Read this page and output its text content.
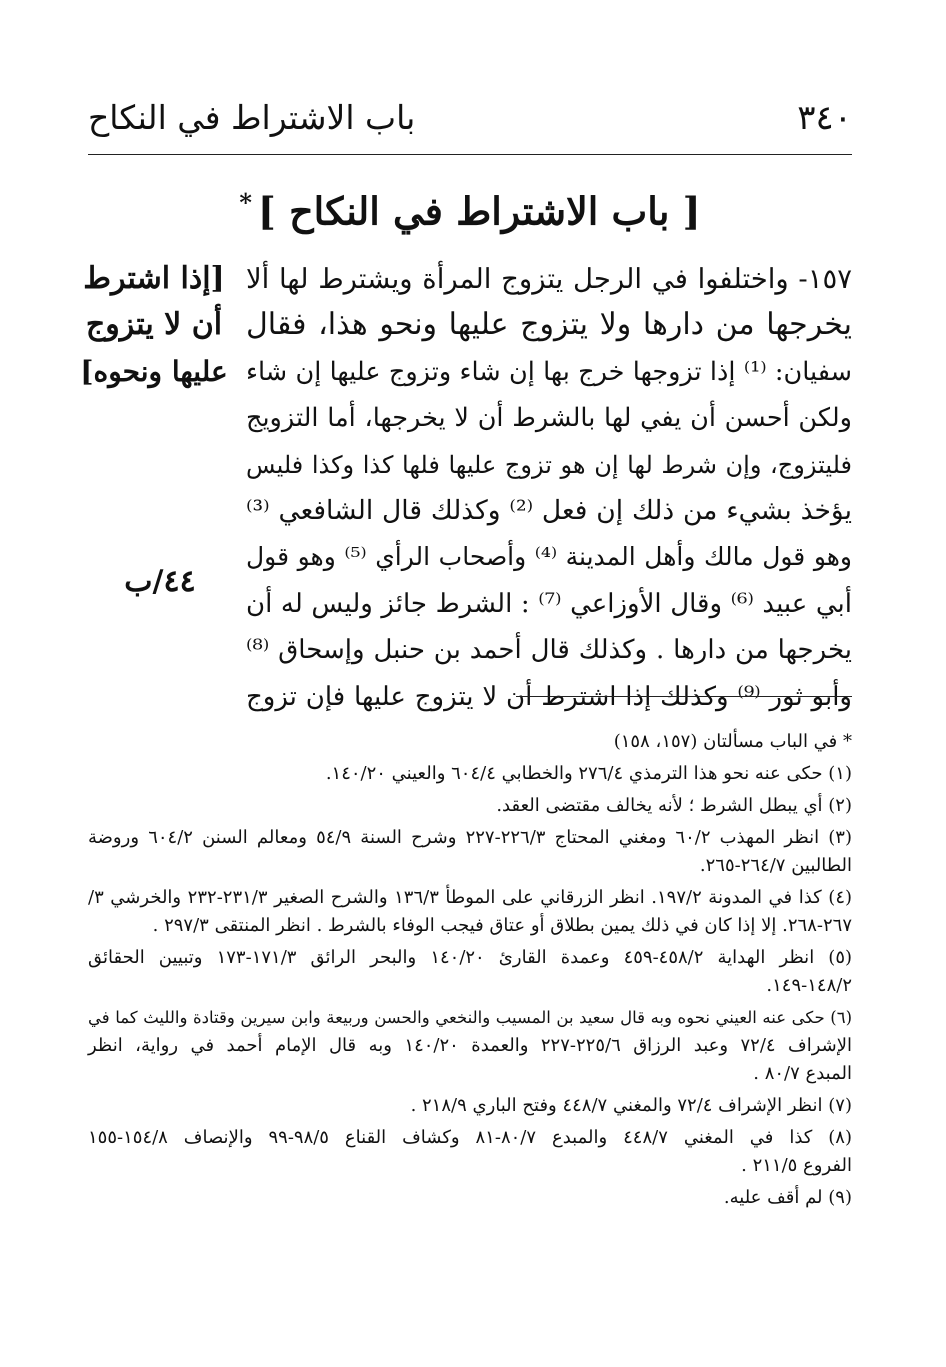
٣٤٠
باب الاشتراط في النكاح
[ باب الاشتراط في النكاح ]*
١٥٧- واختلفوا في الرجل يتزوج المرأة ويشترط لها ألا
يخرجها من دارها ولا يتزوج عليها ونحو هذا، فقال
سفيان: ⁽¹⁾ إذا تزوجها خرج بها إن شاء وتزوج عليها إن شاء
ولكن أحسن أن يفي لها بالشرط أن لا يخرجها، أما التزويج
فليتزوج، وإن شرط لها إن هو تزوج عليها فلها كذا وكذا فليس
يؤخذ بشيء من ذلك إن فعل ⁽²⁾ وكذلك قال الشافعي ⁽³⁾
وهو قول مالك وأهل المدينة ⁽⁴⁾ وأصحاب الرأي ⁽⁵⁾ وهو قول
أبي عبيد ⁽⁶⁾ وقال الأوزاعي ⁽⁷⁾ : الشرط جائز وليس له أن
يخرجها من دارها . وكذلك قال أحمد بن حنبل وإسحاق ⁽⁸⁾
وأبو ثور ⁽⁹⁾ وكذلك إذا اشترط أن لا يتزوج عليها فإن تزوج
[إذا اشترط
أن لا يتزوج
عليها ونحوه]
٤٤/ب
* في الباب مسألتان (١٥٧، ١٥٨)
(١) حكى عنه نحو هذا الترمذي ٢٧٦/٤ والخطابي ٦٠٤/٤ والعيني ١٤٠/٢٠.
(٢) أي يبطل الشرط ؛ لأنه يخالف مقتضى العقد.
(٣) انظر المهذب ٦٠/٢ ومغني المحتاج ٢٢٦/٣-٢٢٧ وشرح السنة ٥٤/٩ ومعالم السنن ٦٠٤/٢ وروضة
الطالبين ٢٦٤/٧-٢٦٥.
(٤) كذا في المدونة ١٩٧/٢. انظر الزرقاني على الموطأ ١٣٦/٣ والشرح الصغير ٢٣١/٣-٢٣٢ والخرشي ٣/
٢٦٧-٢٦٨. إلا إذا كان في ذلك يمين بطلاق أو عتاق فيجب الوفاء بالشرط . انظر المنتقى ٢٩٧/٣ .
(٥) انظر الهداية ٤٥٨/٢-٤٥٩ وعمدة القارئ ١٤٠/٢٠ والبحر الرائق ١٧١/٣-١٧٣ وتبيين الحقائق
١٤٨/٢-١٤٩.
(٦) حكى عنه العيني نحوه وبه قال سعيد بن المسيب والنخعي والحسن وربيعة وابن سيرين وقتادة والليث كما في
الإشراف ٧٢/٤ وعبد الرزاق ٢٢٥/٦-٢٢٧ والعمدة ١٤٠/٢٠ وبه قال الإمام أحمد في رواية، انظر
المبدع ٨٠/٧ .
(٧) انظر الإشراف ٧٢/٤ والمغني ٤٤٨/٧ وفتح الباري ٢١٨/٩ .
(٨) كذا في المغني ٤٤٨/٧ والمبدع ٨٠/٧-٨١ وكشاف القناع ٩٨/٥-٩٩ والإنصاف ١٥٤/٨-١٥٥
الفروع ٢١١/٥ .
(٩) لم أقف عليه.
